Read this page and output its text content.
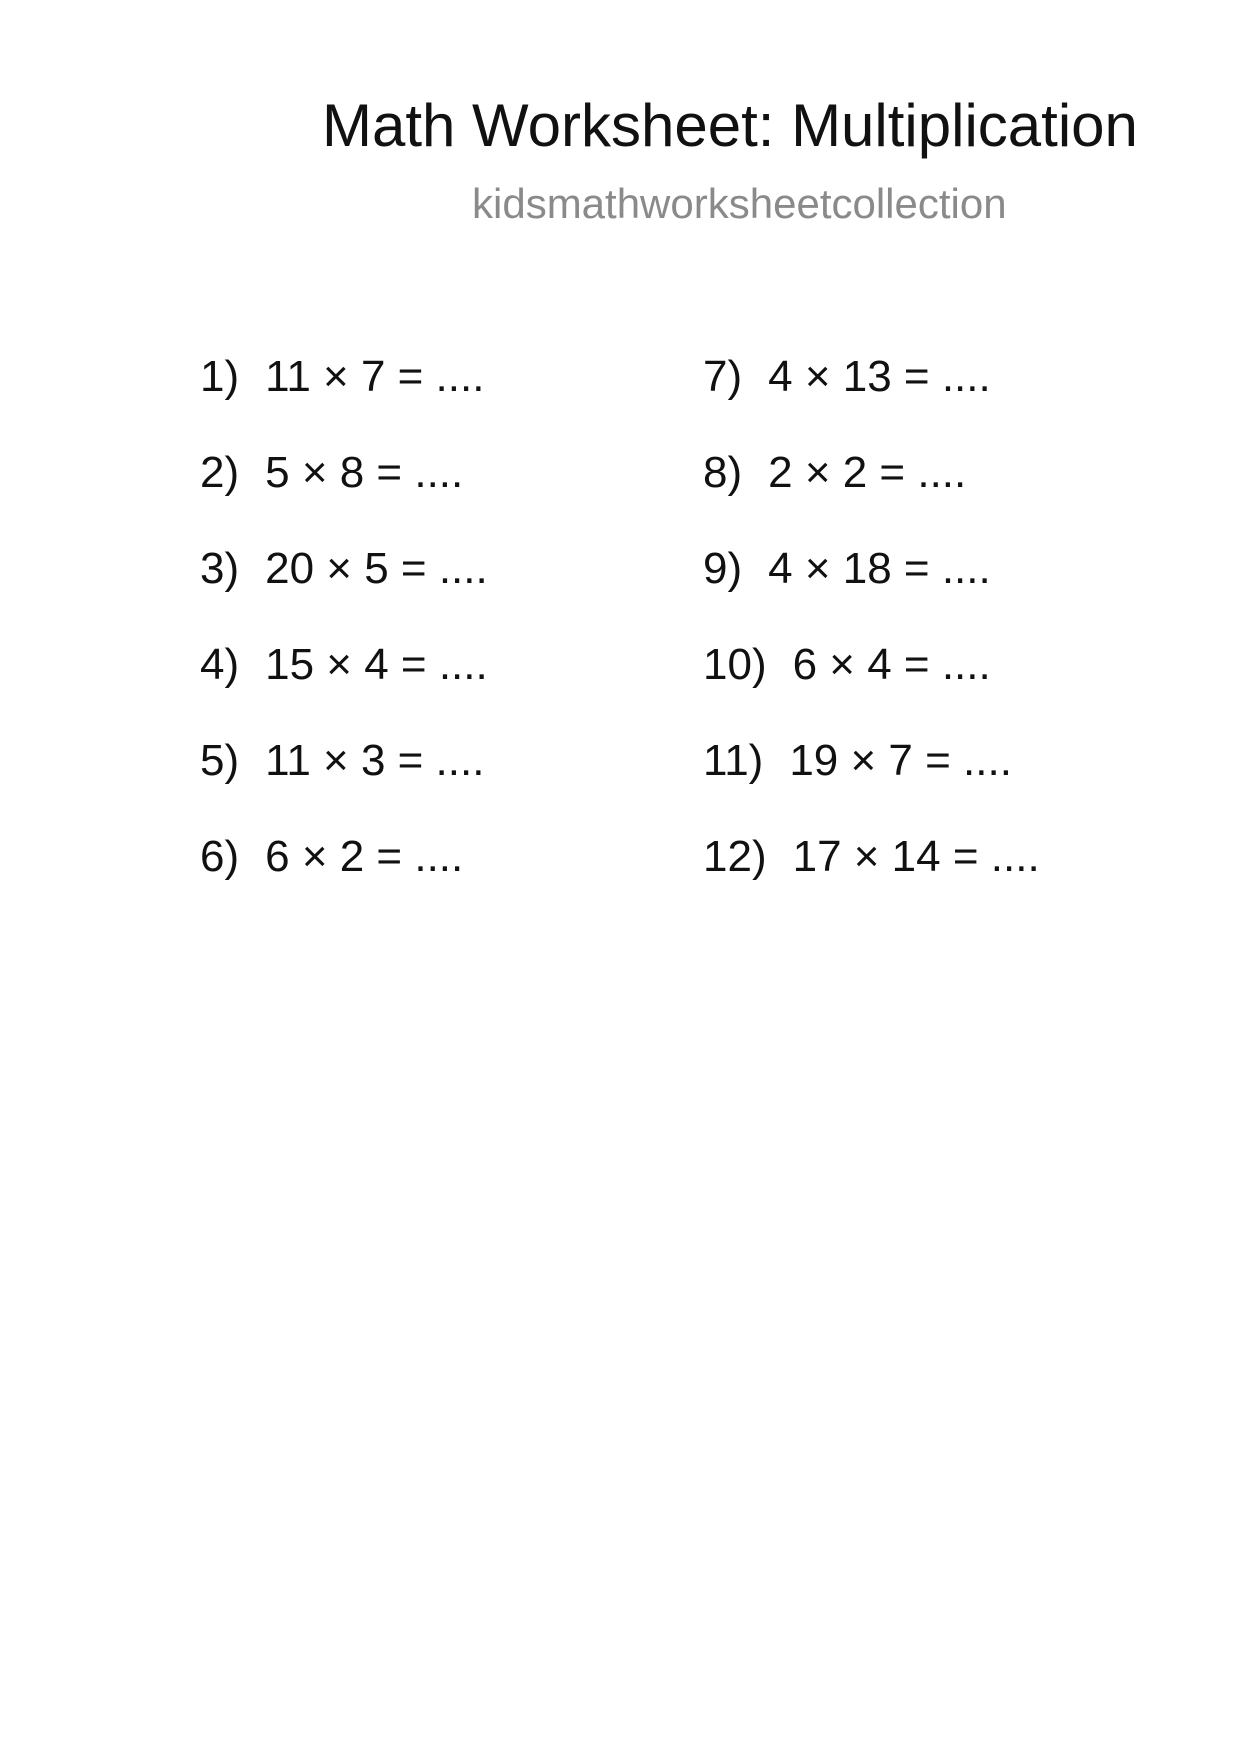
Math Worksheet: Multiplication
kidsmathworksheetcollection
1) 11 × 7 = ....
2) 5 × 8 = ....
3) 20 × 5 = ....
4) 15 × 4 = ....
5) 11 × 3 = ....
6) 6 × 2 = ....
7) 4 × 13 = ....
8) 2 × 2 = ....
9) 4 × 18 = ....
10) 6 × 4 = ....
11) 19 × 7 = ....
12) 17 × 14 = ....
